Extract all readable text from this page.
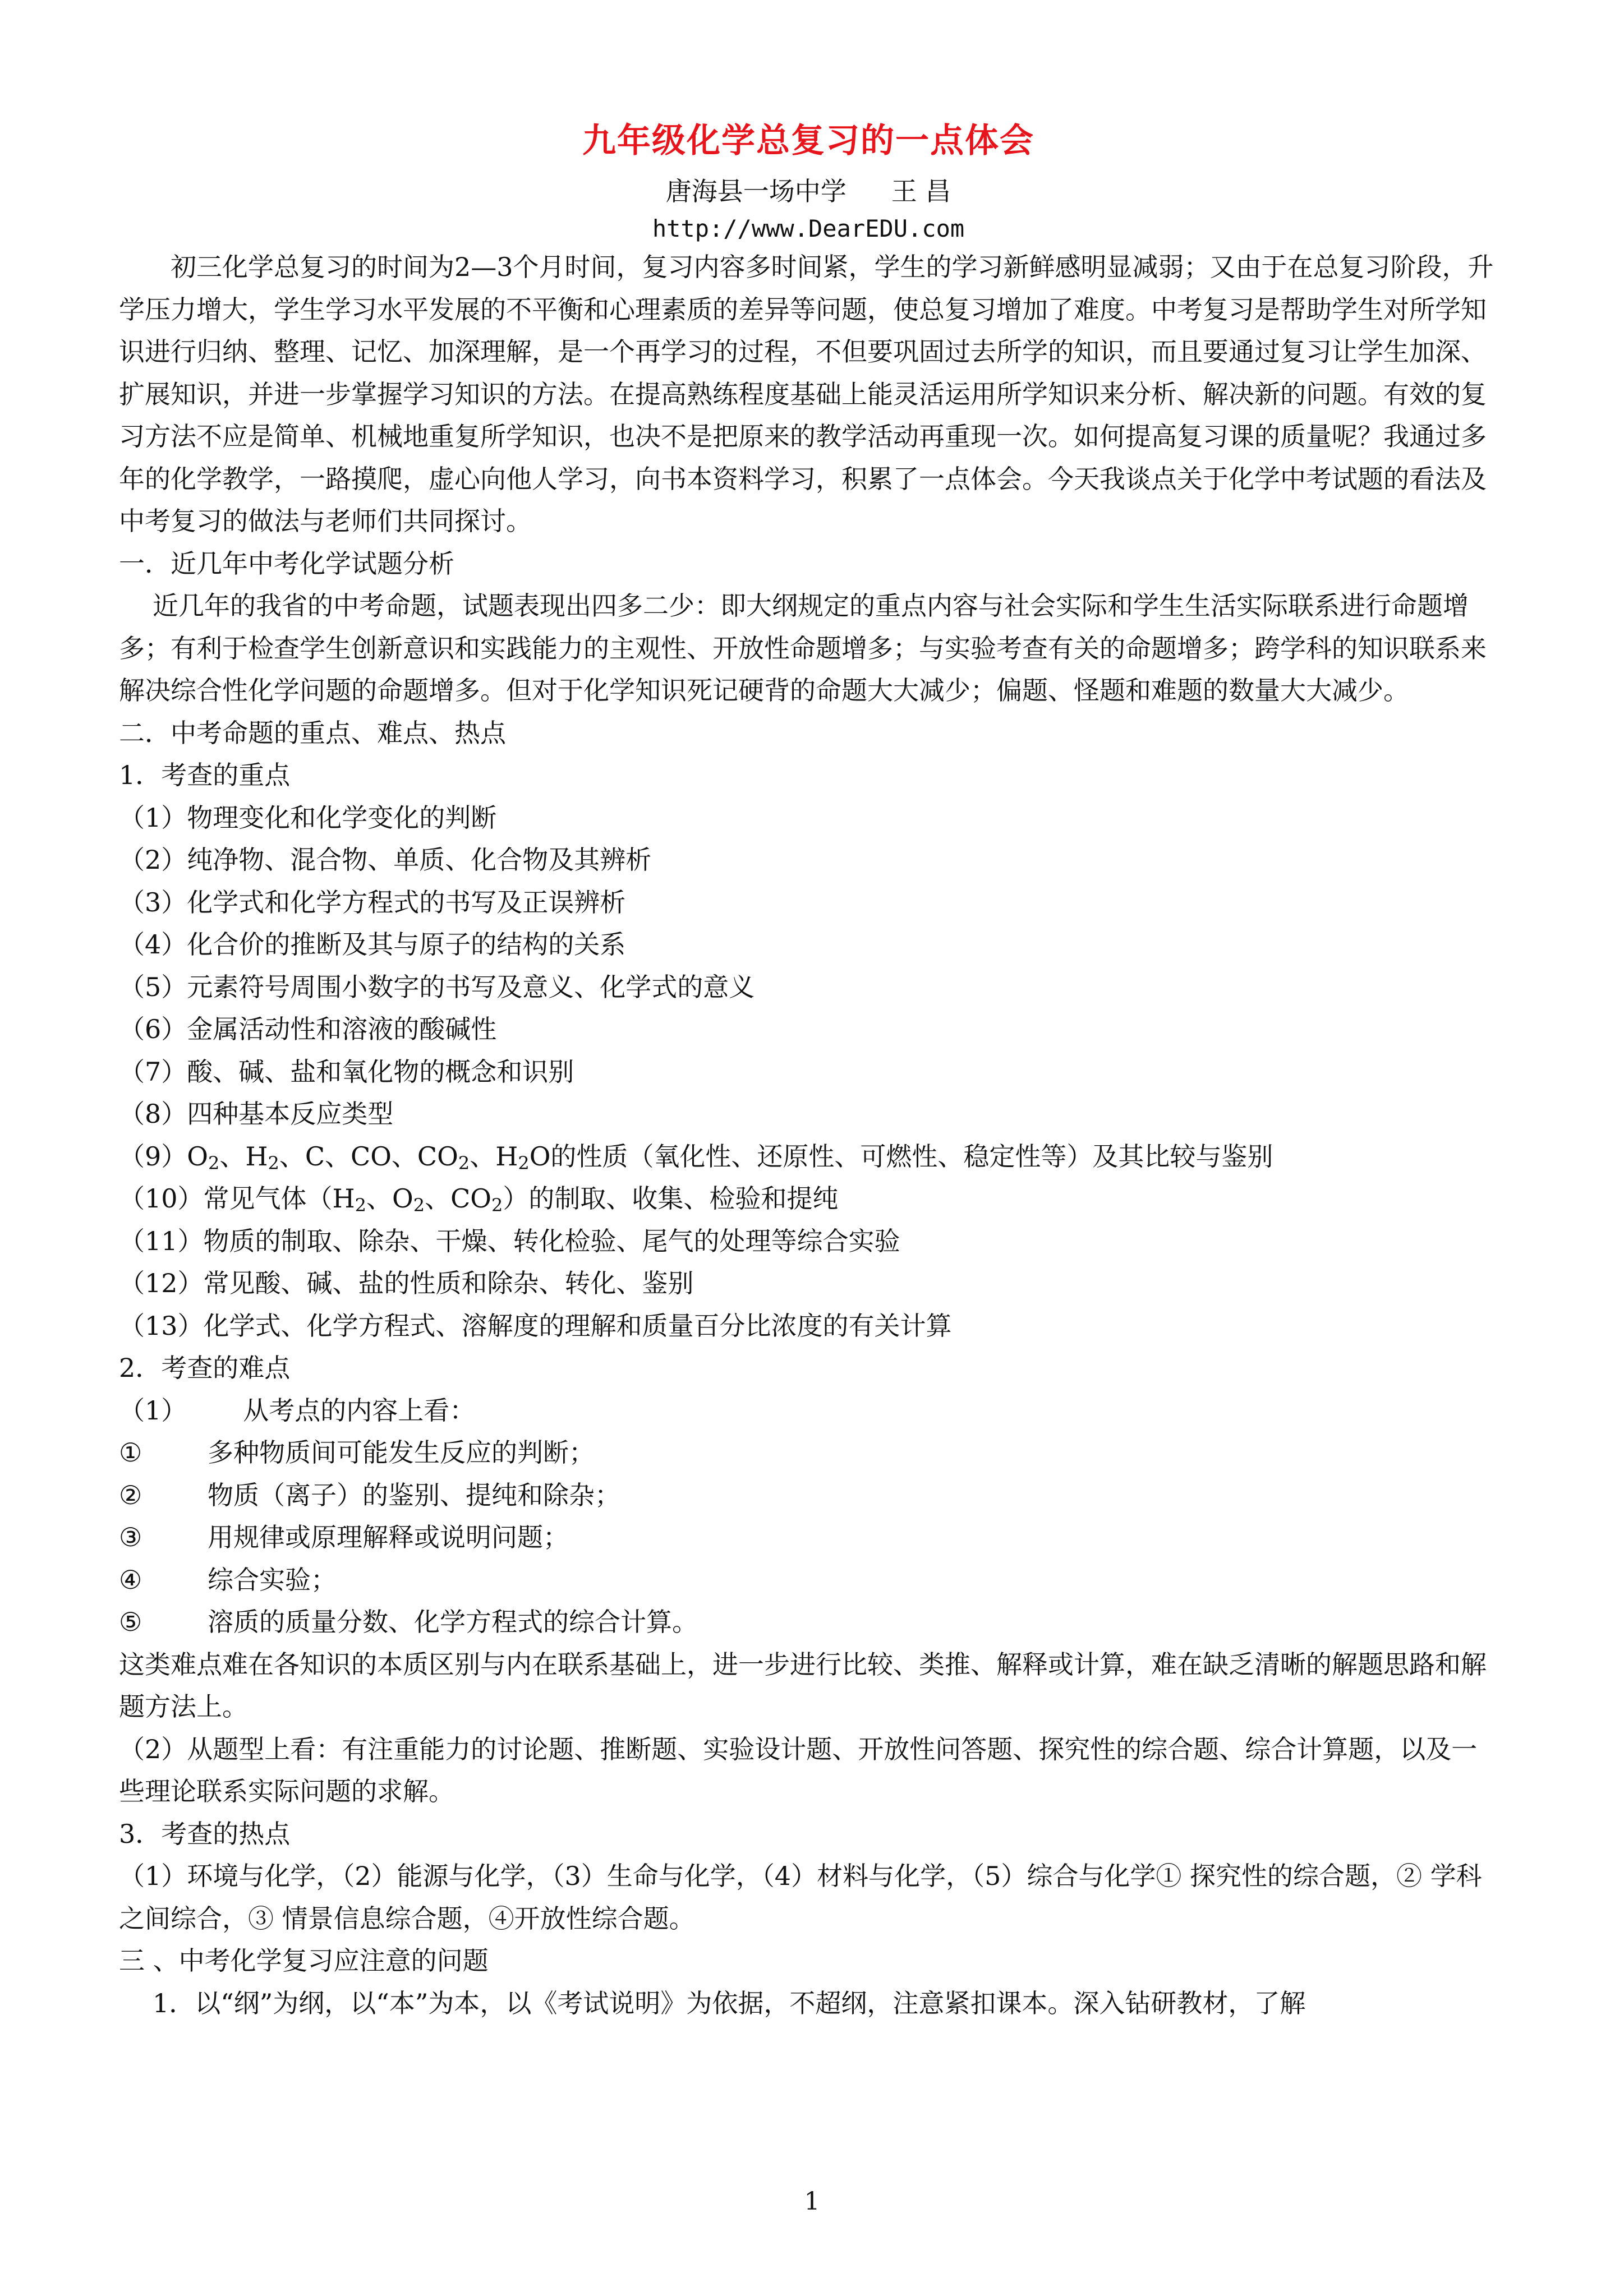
九年级化学总复习的一点体会
唐海县一场中学 王 昌
http://www.DearEDU.com

初三化学总复习的时间为2—3个月时间，复习内容多时间紧，学生的学习新鲜感明显减弱；又由于在总复习阶段，升学压力增大，学生学习水平发展的不平衡和心理素质的差异等问题，使总复习增加了难度。中考复习是帮助学生对所学知识进行归纳、整理、记忆、加深理解，是一个再学习的过程，不但要巩固过去所学的知识，而且要通过复习让学生加深、扩展知识，并进一步掌握学习知识的方法。在提高熟练程度基础上能灵活运用所学知识来分析、解决新的问题。有效的复习方法不应是简单、机械地重复所学知识，也决不是把原来的教学活动再重现一次。如何提高复习课的质量呢？我通过多年的化学教学，一路摸爬，虚心向他人学习，向书本资料学习，积累了一点体会。今天我谈点关于化学中考试题的看法及中考复习的做法与老师们共同探讨。

一．近几年中考化学试题分析

近几年的我省的中考命题，试题表现出四多二少：即大纲规定的重点内容与社会实际和学生生活实际联系进行命题增多；有利于检查学生创新意识和实践能力的主观性、开放性命题增多；与实验考查有关的命题增多；跨学科的知识联系来解决综合性化学问题的命题增多。但对于化学知识死记硬背的命题大大减少；偏题、怪题和难题的数量大大减少。

二．中考命题的重点、难点、热点

1．考查的重点

（1）物理变化和化学变化的判断

（2）纯净物、混合物、单质、化合物及其辨析

（3）化学式和化学方程式的书写及正误辨析

（4）化合价的推断及其与原子的结构的关系

（5）元素符号周围小数字的书写及意义、化学式的意义

（6）金属活动性和溶液的酸碱性

（7）酸、碱、盐和氧化物的概念和识别

（8）四种基本反应类型

$(9)O_2$、$H_2$、C、CO、$CO_2$、$H_2O$的性质（氧化性、还原性、可燃性、稳定性等）及其比较与鉴别

（10）常见气体（$H_2$、$O_2$、$CO_2$）的制取、收集、检验和提纯

（11）物质的制取、除杂、干燥、转化检验、尾气的处理等综合实验

（12）常见酸、碱、盐的性质和除杂、转化、鉴别

（13）化学式、化学方程式、溶解度的理解和质量百分比浓度的有关计算

2．考查的难点

（1） 从考点的内容上看：

①	多种物质间可能发生反应的判断；

②	物质（离子）的鉴别、提纯和除杂；

③	用规律或原理解释或说明问题；

④	综合实验；

⑤	溶质的质量分数、化学方程式的综合计算。

这类难点难在各知识的本质区别与内在联系基础上，进一步进行比较、类推、解释或计算，难在缺乏清晰的解题思路和解题方法上。

（2）从题型上看：有注重能力的讨论题、推断题、实验设计题、开放性问答题、探究性的综合题、综合计算题，以及一些理论联系实际问题的求解。

3．考查的热点

（1）环境与化学，（2）能源与化学，（3）生命与化学，（4）材料与化学，（5）综合与化学① 探究性的综合题，② 学科之间综合，③ 情景信息综合题，④开放性综合题。

三 、中考化学复习应注意的问题

1．以“纲”为纲，以“本”为本，以《考试说明》为依据，不超纲，注意紧扣课本。深入钻研教材，了解

1
